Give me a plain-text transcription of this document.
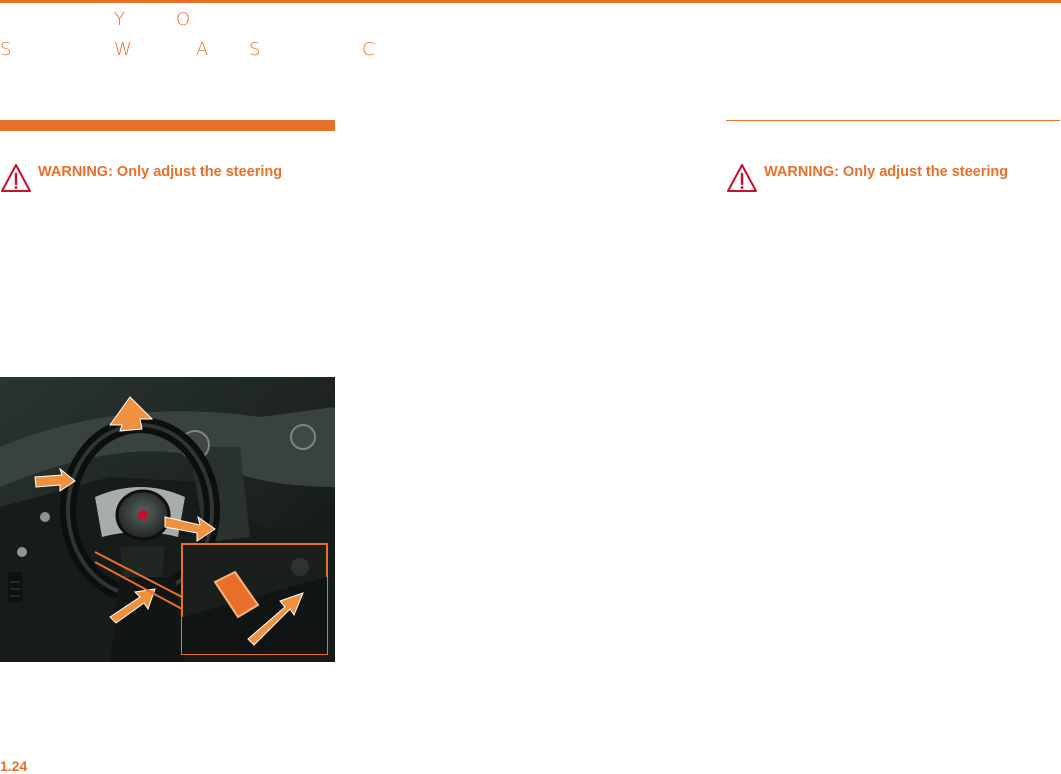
Y	O
S	W	A S	C
WARNING: Only adjust the steering	WARNING: Only adjust the steering
1.24
